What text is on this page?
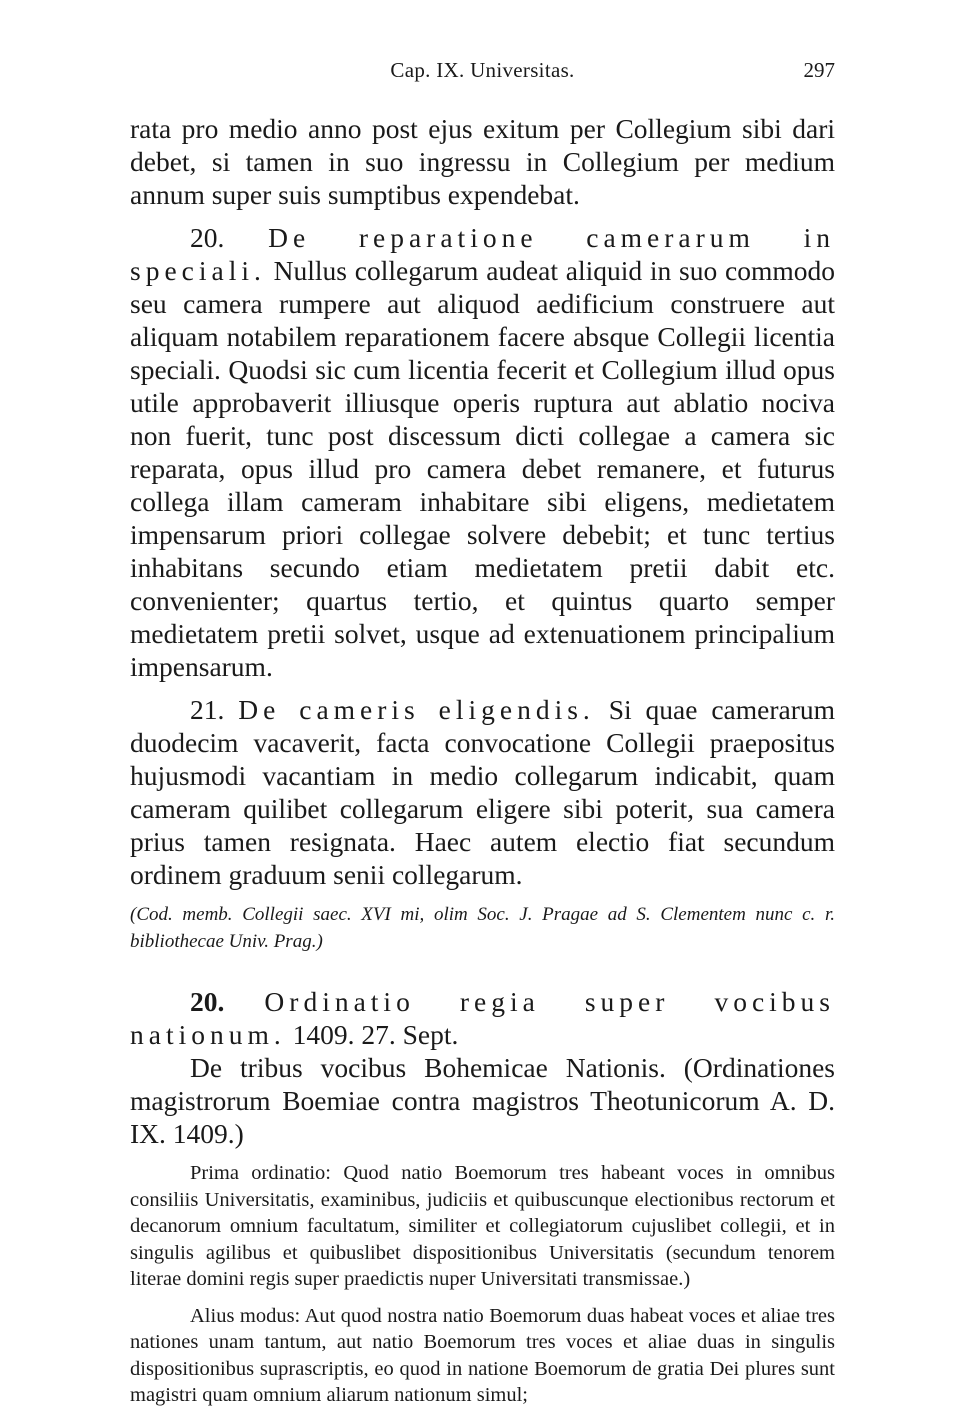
Cap. IX. Universitas.	297

rata pro medio anno post ejus exitum per Collegium sibi dari debet, si tamen in suo ingressu in Collegium per medium annum super suis sumptibus expendebat.

20. De reparatione camerarum in speciali. Nullus collegarum audeat aliquid in suo commodo seu camera rumpere aut aliquod aedificium construere aut aliquam notabilem reparationem facere absque Collegii licentia speciali. Quodsi sic cum licentia fecerit et Collegium illud opus utile approbaverit illiusque operis ruptura aut ablatio nociva non fuerit, tunc post discessum dicti collegae a camera sic reparata, opus illud pro camera debet remanere, et futurus collega illam cameram inhabitare sibi eligens, medietatem impensarum priori collegae solvere debebit; et tunc tertius inhabitans secundo etiam medietatem pretii dabit etc. convenienter; quartus tertio, et quintus quarto semper medietatem pretii solvet, usque ad extenuationem principalium impensarum.

21. De cameris eligendis. Si quae camerarum duodecim vacaverit, facta convocatione Collegii praepositus hujusmodi vacantiam in medio collegarum indicabit, quam cameram quilibet collegarum eligere sibi poterit, sua camera prius tamen resignata. Haec autem electio fiat secundum ordinem graduum senii collegarum.

(Cod. memb. Collegii saec. XVI mi, olim Soc. J. Pragae ad S. Clementem nunc c. r. bibliothecae Univ. Prag.)

20. Ordinatio regia super vocibus nationum. 1409. 27. Sept.

De tribus vocibus Bohemicae Nationis. (Ordinationes magistrorum Boemiae contra magistros Theotunicorum A. D. IX. 1409.)

Prima ordinatio: Quod natio Boemorum tres habeant voces in omnibus consiliis Universitatis, examinibus, judiciis et quibuscunque electionibus rectorum et decanorum omnium facultatum, similiter et collegiatorum cujuslibet collegii, et in singulis agilibus et quibuslibet dispositionibus Universitatis (secundum tenorem literae domini regis super praedictis nuper Universitati transmissae.)

Alius modus: Aut quod nostra natio Boemorum duas habeat voces et aliae tres nationes unam tantum, aut natio Boemorum tres voces et aliae duas in singulis dispositionibus suprascriptis, eo quod in natione Boemorum de gratia Dei plures sunt magistri quam omnium aliarum nationum simul;
